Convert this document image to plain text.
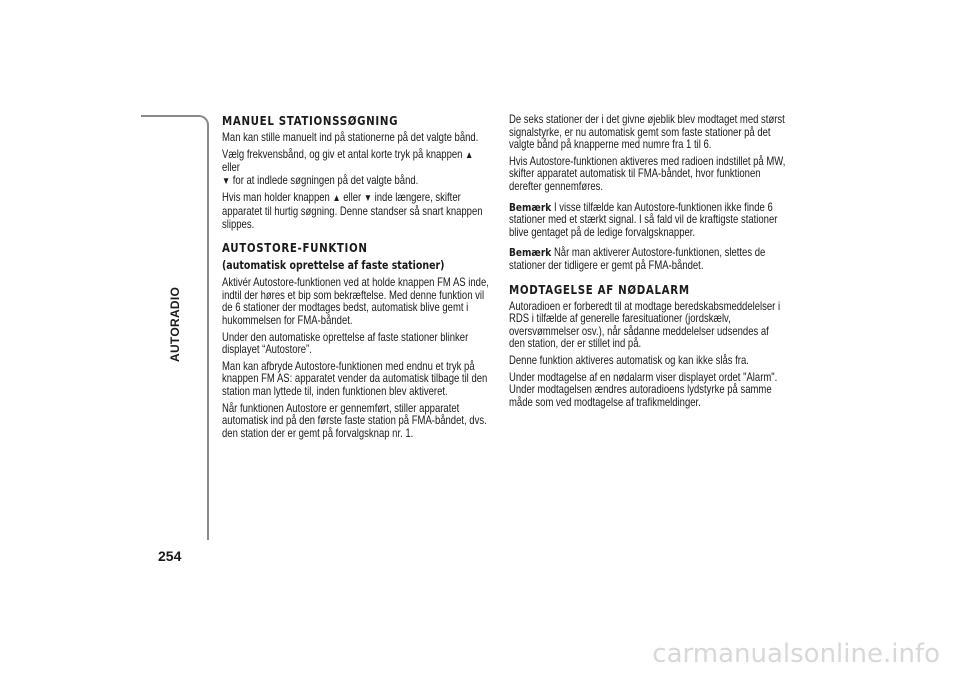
AUTORADIO
254
MANUEL STATIONSSØGNING

Man kan stille manuelt ind på stationerne på det valgte bånd.

Vælg frekvensbånd, og giv et antal korte tryk på knappen ▲ eller
▼ for at indlede søgningen på det valgte bånd.

Hvis man holder knappen ▲ eller ▼ inde længere, skifter apparatet til hurtig søgning. Denne standser så snart knappen slippes.

AUTOSTORE-FUNKTION
(automatisk oprettelse af faste stationer)

Aktivér Autostore-funktionen ved at holde knappen FM AS inde, indtil der høres et bip som bekræftelse. Med denne funktion vil de 6 stationer der modtages bedst, automatisk blive gemt i hukommelsen for FMA-båndet.

Under den automatiske oprettelse af faste stationer blinker displayet “Autostore”.

Man kan afbryde Autostore-funktionen med endnu et tryk på knappen FM AS: apparatet vender da automatisk tilbage til den station man lyttede til, inden funktionen blev aktiveret.

Når funktionen Autostore er gennemført, stiller apparatet automatisk ind på den første faste station på FMA-båndet, dvs. den station der er gemt på forvalgsknap nr. 1.

De seks stationer der i det givne øjeblik blev modtaget med størst signalstyrke, er nu automatisk gemt som faste stationer på det valgte bånd på knapperne med numre fra 1 til 6.

Hvis Autostore-funktionen aktiveres med radioen indstillet på MW, skifter apparatet automatisk til FMA-båndet, hvor funktionen derefter gennemføres.

Bemærk I visse tilfælde kan Autostore-funktionen ikke finde 6 stationer med et stærkt signal. I så fald vil de kraftigste stationer blive gentaget på de ledige forvalgsknapper.

Bemærk Når man aktiverer Autostore-funktionen, slettes de stationer der tidligere er gemt på FMA-båndet.

MODTAGELSE AF NØDALARM

Autoradioen er forberedt til at modtage beredskabsmeddelelser i RDS i tilfælde af generelle faresituationer (jordskælv, oversvømmelser osv.), når sådanne meddelelser udsendes af den station, der er stillet ind på.

Denne funktion aktiveres automatisk og kan ikke slås fra.

Under modtagelse af en nødalarm viser displayet ordet "Alarm". Under modtagelsen ændres autoradioens lydstyrke på samme måde som ved modtagelse af trafikmeldinger.

carmanualsonline.info
